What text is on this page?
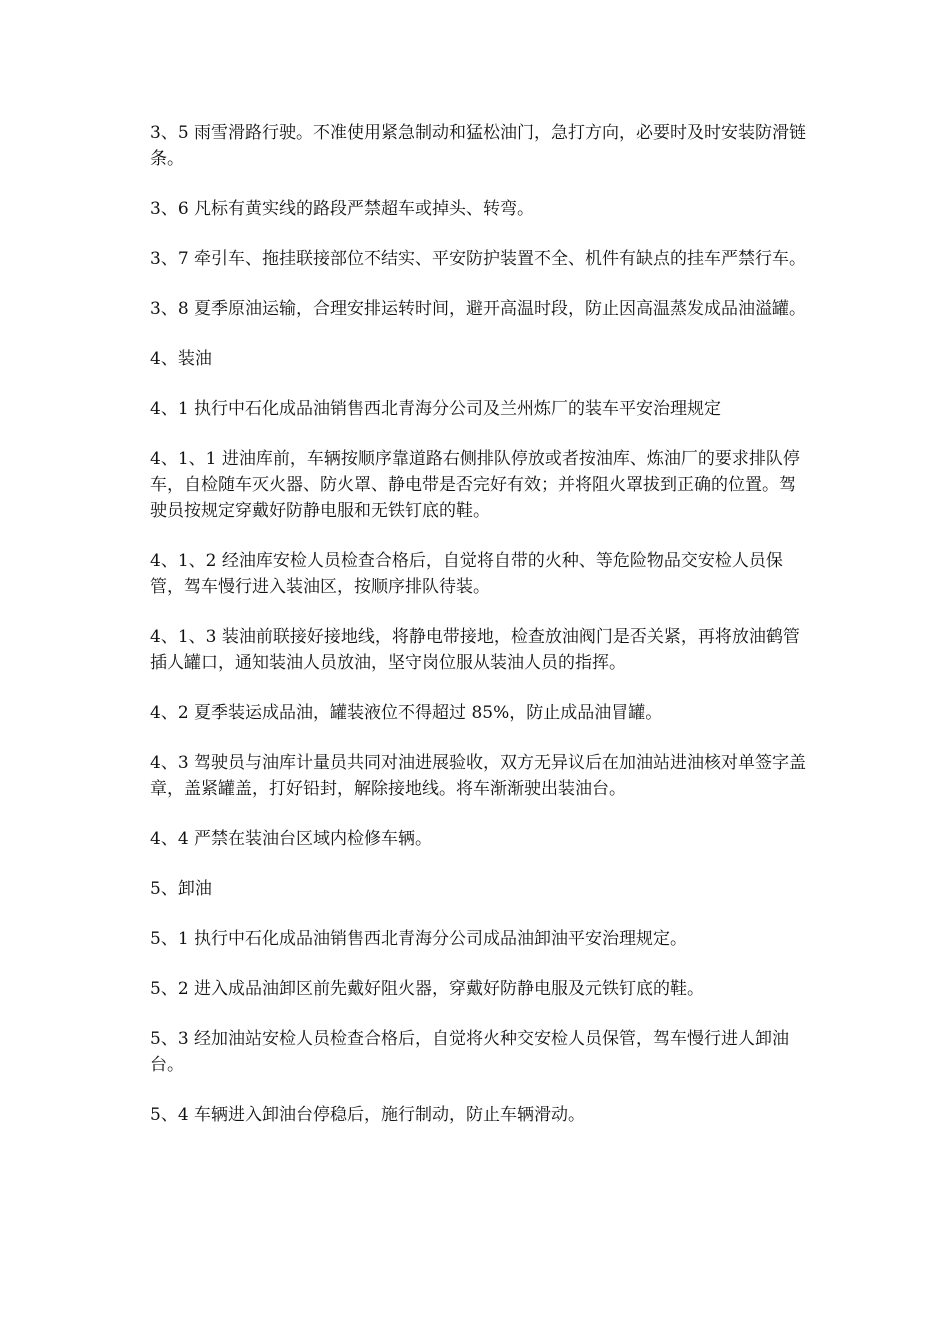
3、5 雨雪滑路行驶。不准使用紧急制动和猛松油门，急打方向，必要时及时安装防滑链条。

3、6 凡标有黄实线的路段严禁超车或掉头、转弯。

3、7 牵引车、拖挂联接部位不结实、平安防护装置不全、机件有缺点的挂车严禁行车。

3、8 夏季原油运输，合理安排运转时间，避开高温时段，防止因高温蒸发成品油溢罐。

4、装油

4、1 执行中石化成品油销售西北青海分公司及兰州炼厂的装车平安治理规定

4、1、1 进油库前，车辆按顺序靠道路右侧排队停放或者按油库、炼油厂的要求排队停车，自检随车灭火器、防火罩、静电带是否完好有效；并将阻火罩拔到正确的位置。驾驶员按规定穿戴好防静电服和无铁钉底的鞋。

4、1、2 经油库安检人员检查合格后，自觉将自带的火种、等危险物品交安检人员保管，驾车慢行进入装油区，按顺序排队待装。

4、1、3 装油前联接好接地线，将静电带接地，检查放油阀门是否关紧，再将放油鹤管插人罐口，通知装油人员放油，坚守岗位服从装油人员的指挥。

4、2 夏季装运成品油，罐装液位不得超过 85%，防止成品油冒罐。

4、3 驾驶员与油库计量员共同对油进展验收，双方无异议后在加油站进油核对单签字盖章，盖紧罐盖，打好铅封，解除接地线。将车渐渐驶出装油台。

4、4 严禁在装油台区域内检修车辆。

5、卸油

5、1 执行中石化成品油销售西北青海分公司成品油卸油平安治理规定。

5、2 进入成品油卸区前先戴好阻火器，穿戴好防静电服及元铁钉底的鞋。

5、3 经加油站安检人员检查合格后，自觉将火种交安检人员保管，驾车慢行进人卸油台。

5、4 车辆进入卸油台停稳后，施行制动，防止车辆滑动。
